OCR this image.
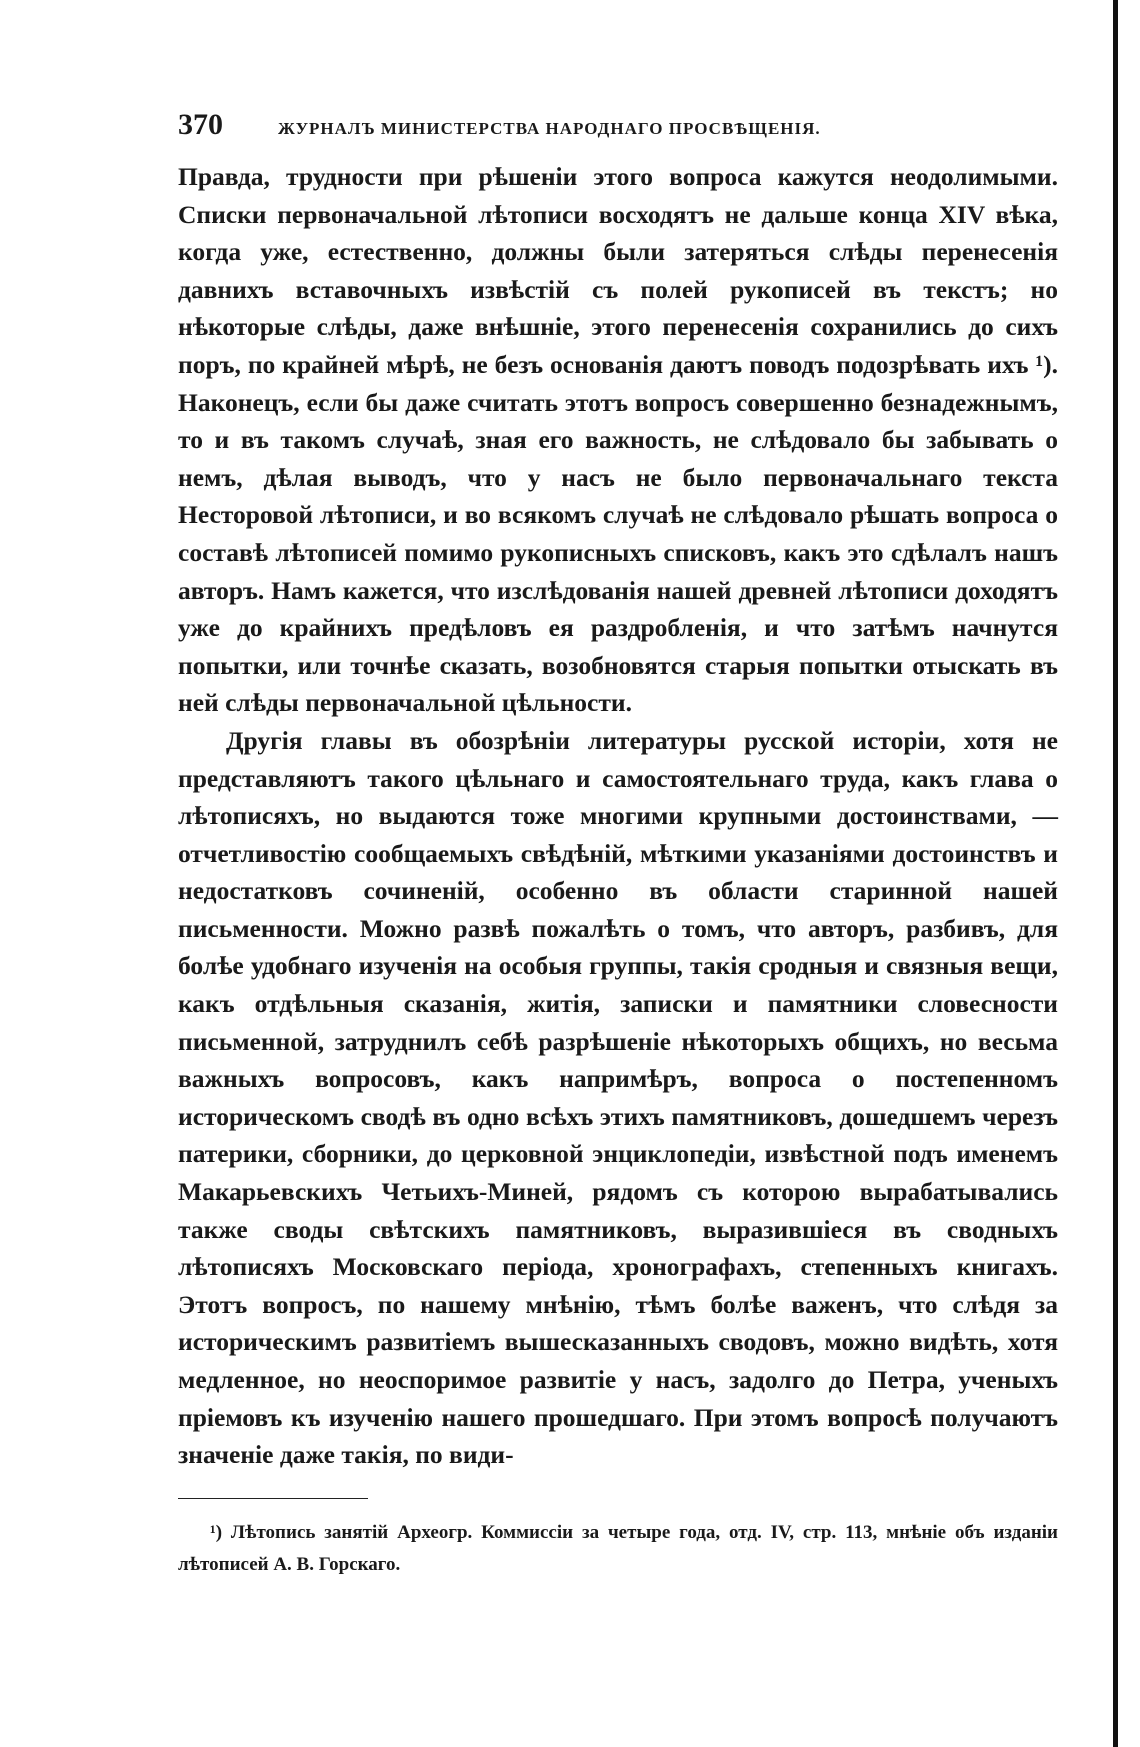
370	ЖУРНАЛЪ МИНИСТЕРСТВА НАРОДНАГО ПРОСВѢЩЕНІЯ.

Правда, трудности при рѣшеніи этого вопроса кажутся неодолимыми. Списки первоначальной лѣтописи восходятъ не дальше конца XIV вѣка, когда уже, естественно, должны были затеряться слѣды перенесенія давнихъ вставочныхъ извѣстій съ полей рукописей въ текстъ; но нѣкоторые слѣды, даже внѣшніе, этого перенесенія сохранились до сихъ поръ, по крайней мѣрѣ, не безъ основанія даютъ поводъ подозрѣвать ихъ ¹). Наконецъ, если бы даже считать этотъ вопросъ совершенно безнадежнымъ, то и въ такомъ случаѣ, зная его важность, не слѣдовало бы забывать о немъ, дѣлая выводъ, что у насъ не было первоначальнаго текста Несторовой лѣтописи, и во всякомъ случаѣ не слѣдовало рѣшать вопроса о составѣ лѣтописей помимо рукописныхъ списковъ, какъ это сдѣлалъ нашъ авторъ. Намъ кажется, что изслѣдованія нашей древней лѣтописи доходятъ уже до крайнихъ предѣловъ ея раздробленія, и что затѣмъ начнутся попытки, или точнѣе сказать, возобновятся старыя попытки отыскать въ ней слѣды первоначальной цѣльности.

Другія главы въ обозрѣніи литературы русской исторіи, хотя не представляютъ такого цѣльнаго и самостоятельнаго труда, какъ глава о лѣтописяхъ, но выдаются тоже многими крупными достоинствами, — отчетливостію сообщаемыхъ свѣдѣній, мѣткими указаніями достоинствъ и недостатковъ сочиненій, особенно въ области старинной нашей письменности. Можно развѣ пожалѣть о томъ, что авторъ, разбивъ, для болѣе удобнаго изученія на особыя группы, такія сродныя и связныя вещи, какъ отдѣльныя сказанія, житія, записки и памятники словесности письменной, затруднилъ себѣ разрѣшеніе нѣкоторыхъ общихъ, но весьма важныхъ вопросовъ, какъ напримѣръ, вопроса о постепенномъ историческомъ сводѣ въ одно всѣхъ этихъ памятниковъ, дошедшемъ черезъ патерики, сборники, до церковной энциклопедіи, извѣстной подъ именемъ Макарьевскихъ Четьихъ-Миней, рядомъ съ которою вырабатывались также своды свѣтскихъ памятниковъ, выразившіеся въ сводныхъ лѣтописяхъ Московскаго періода, хронографахъ, степенныхъ книгахъ. Этотъ вопросъ, по нашему мнѣнію, тѣмъ болѣе важенъ, что слѣдя за историческимъ развитіемъ вышесказанныхъ сводовъ, можно видѣть, хотя медленное, но неоспоримое развитіе у насъ, задолго до Петра, ученыхъ пріемовъ къ изученію нашего прошедшаго. При этомъ вопросѣ получаютъ значеніе даже такія, по види-

¹) Лѣтопись занятій Археогр. Коммиссіи за четыре года, отд. IV, стр. 113, мнѣніе объ изданіи лѣтописей А. В. Горскаго.
